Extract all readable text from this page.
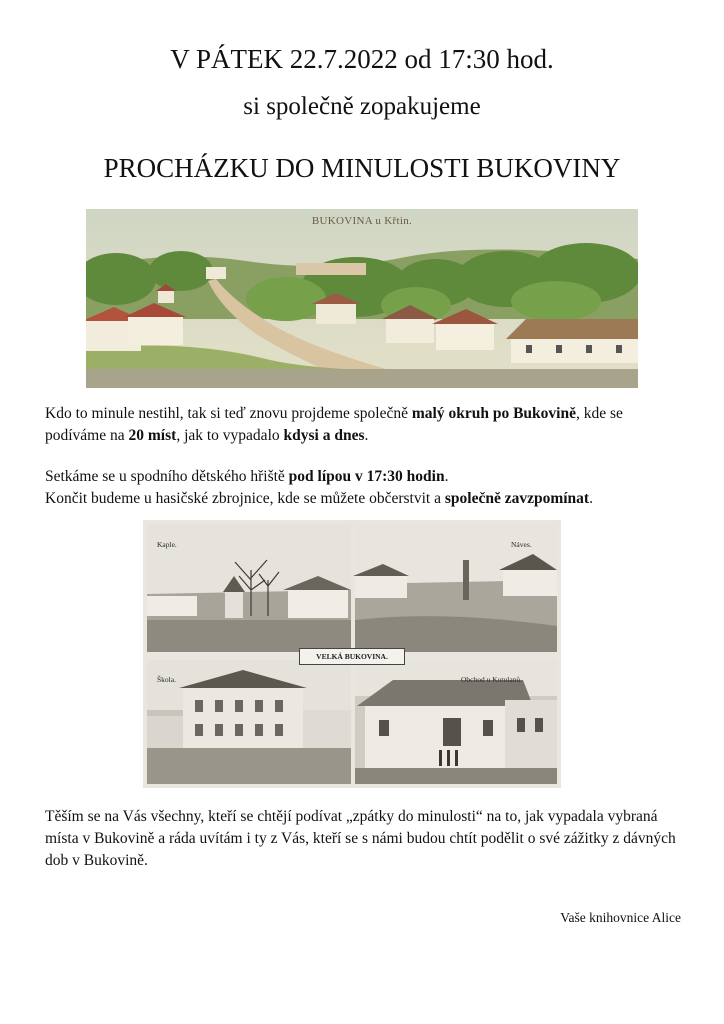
V PÁTEK 22.7.2022 od 17:30 hod.
si společně zopakujeme
PROCHÁZKU DO MINULOSTI BUKOVINY
BUKOVINA u Křtin.

Kdo to minule nestihl, tak si teď znovu projdeme společně malý okruh po Bukovině, kde se podíváme na 20 míst, jak to vypadalo kdysi a dnes.

Setkáme se u spodního dětského hřiště pod lípou v 17:30 hodin.
Končit budeme u hasičské zbrojnice, kde se můžete občerstvit a společně zavzpomínat.

Kaple.	Náves.
Škola.	Obchod u Kotulanů.
VELKÁ BUKOVINA.

Těším se na Vás všechny, kteří se chtějí podívat „zpátky do minulosti“ na to, jak vypadala vybraná místa v Bukovině a ráda uvítám i ty z Vás, kteří se s námi budou chtít podělit o své zážitky z dávných dob v Bukovině.

Vaše knihovnice Alice
